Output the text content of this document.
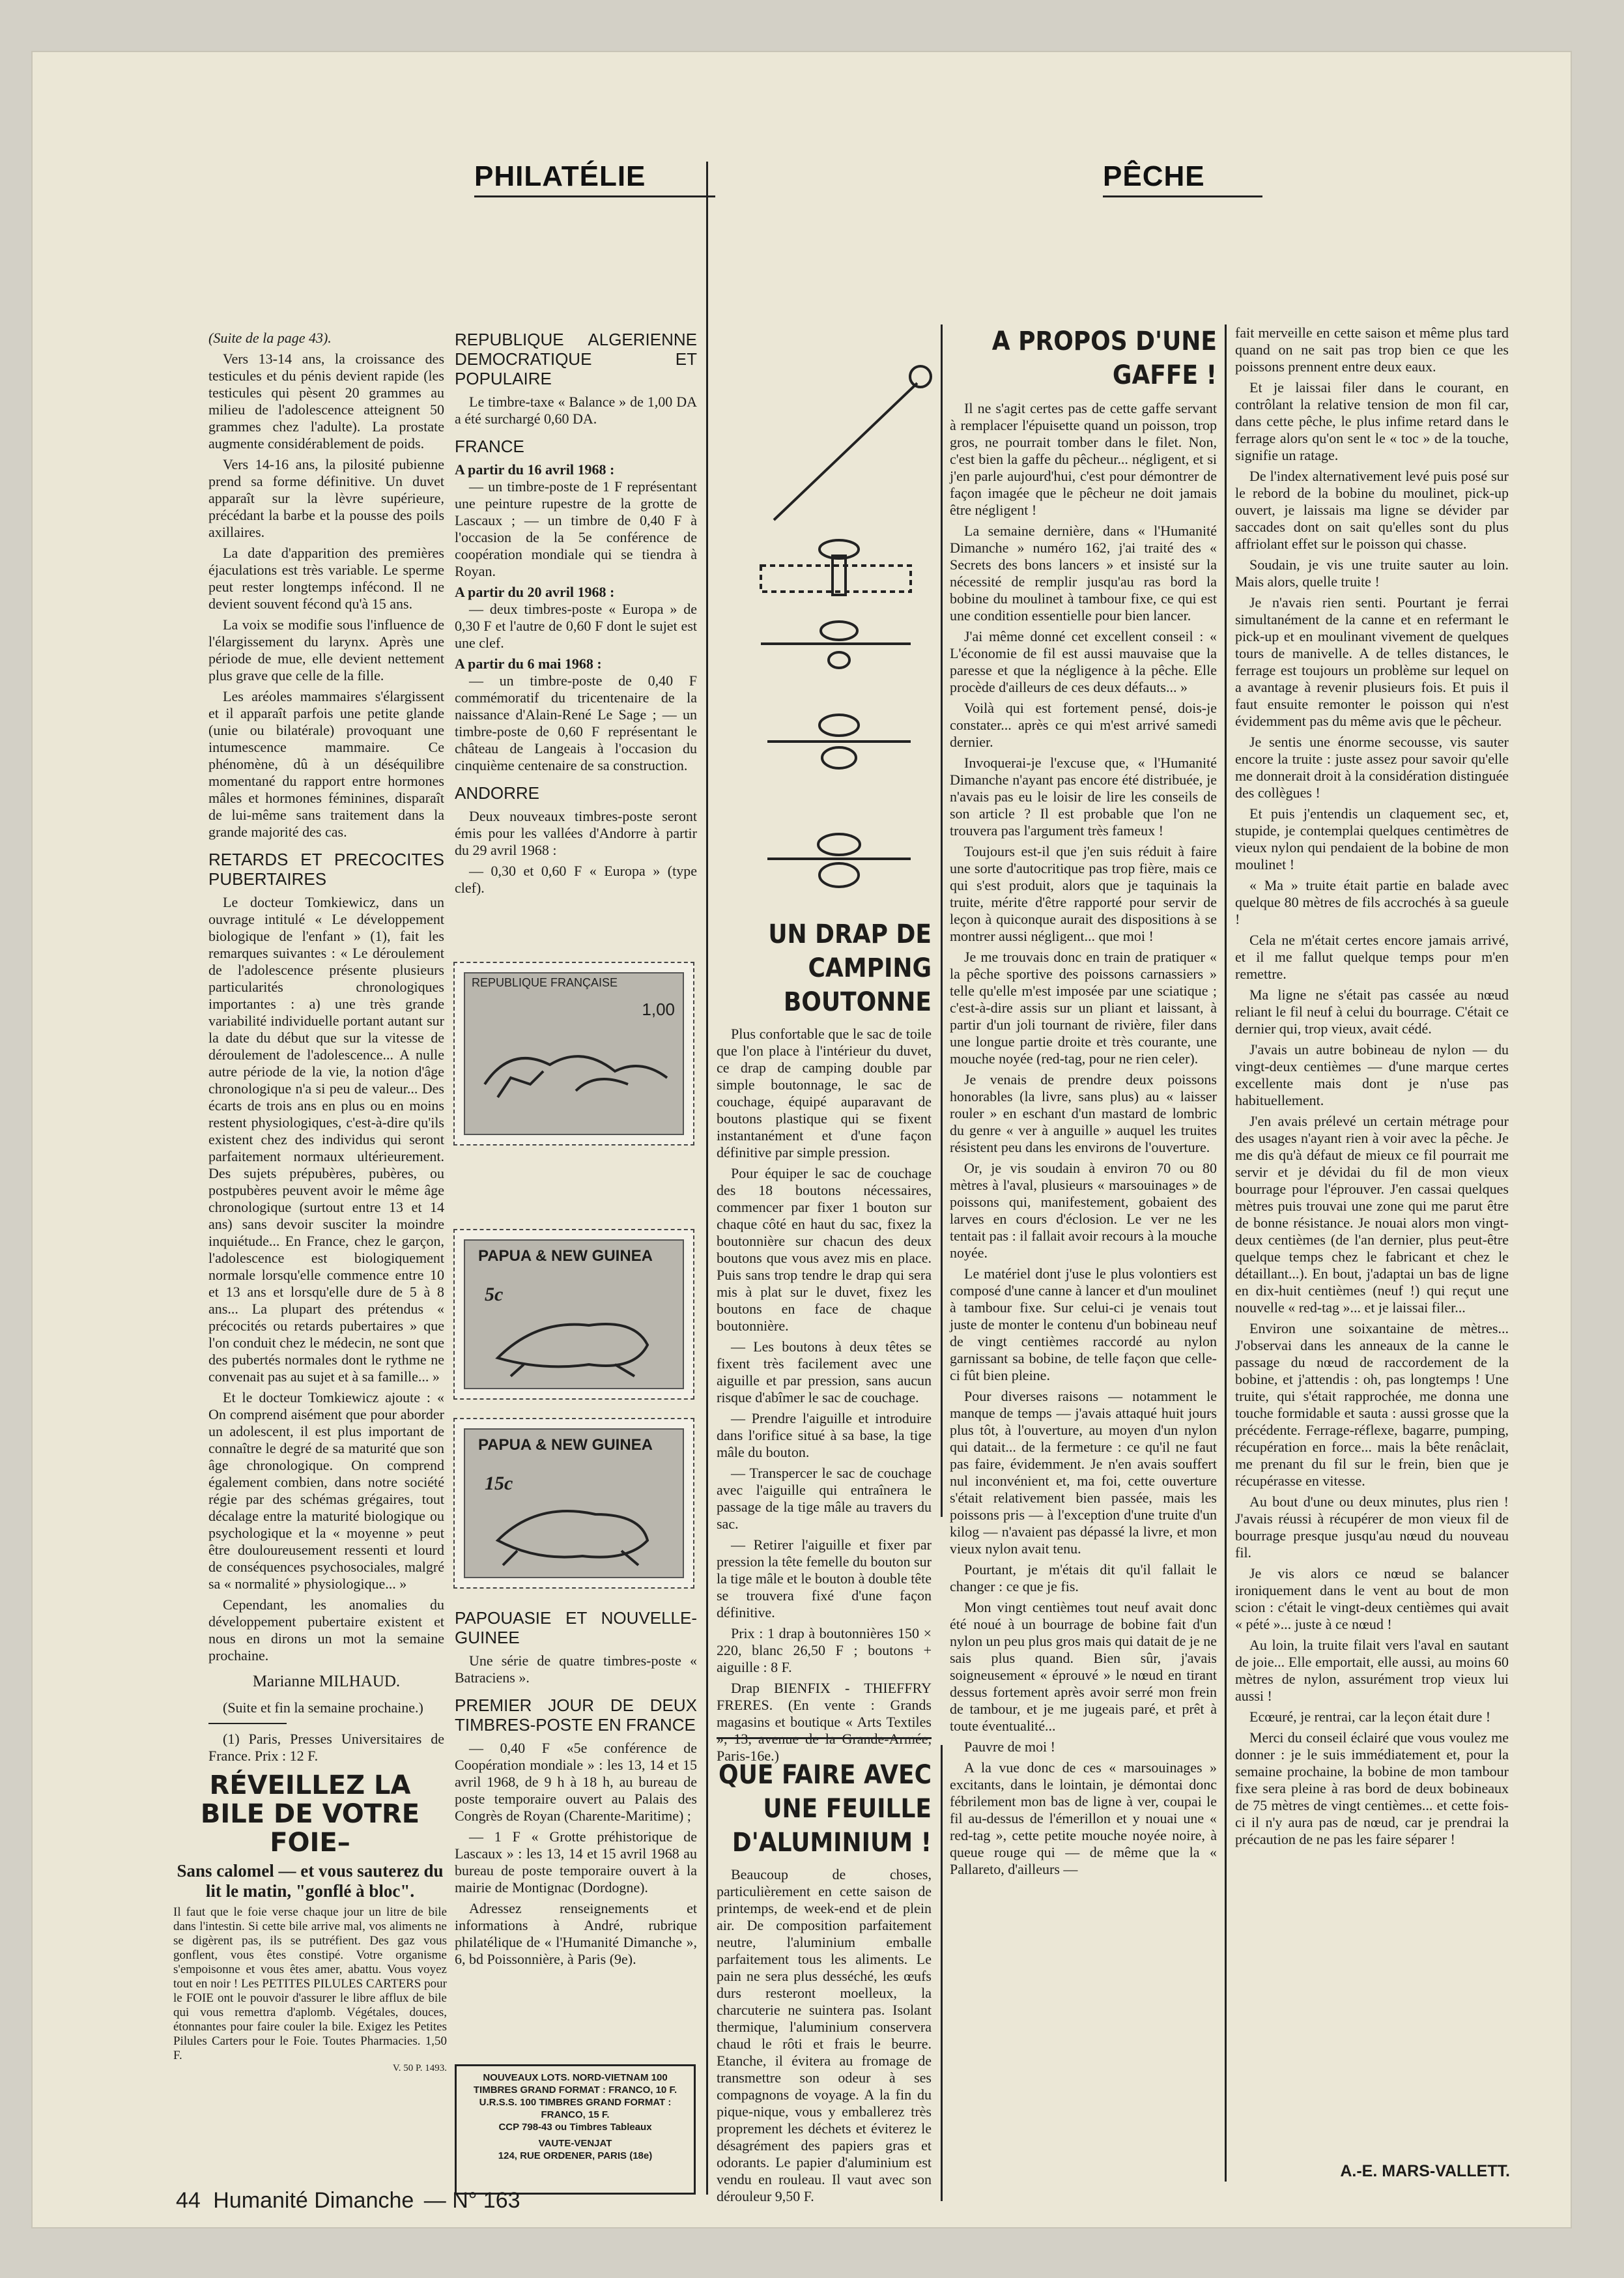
PHILATÉLIE	PÊCHE
(Suite de la page 43).

Vers 13-14 ans, la croissance des testicules et du pénis devient rapide (les testicules qui pèsent 20 grammes au milieu de l'adolescence atteignent 50 grammes chez l'adulte). La prostate augmente considérablement de poids.

Vers 14-16 ans, la pilosité pubienne prend sa forme définitive. Un duvet apparaît sur la lèvre supérieure, précédant la barbe et la pousse des poils axillaires.

La date d'apparition des premières éjaculations est très variable. Le sperme peut rester longtemps infécond. Il ne devient souvent fécond qu'à 15 ans.

La voix se modifie sous l'influence de l'élargissement du larynx. Après une période de mue, elle devient nettement plus grave que celle de la fille.

Les aréoles mammaires s'élargissent et il apparaît parfois une petite glande (unie ou bilatérale) provoquant une intumescence mammaire. Ce phénomène, dû à un déséquilibre momentané du rapport entre hormones mâles et hormones féminines, disparaît de lui-même sans traitement dans la grande majorité des cas.

RETARDS ET PRECOCITES PUBERTAIRES

Le docteur Tomkiewicz, dans un ouvrage intitulé « Le développement biologique de l'enfant » (1), fait les remarques suivantes : « Le déroulement de l'adolescence présente plusieurs particularités chronologiques importantes : a) une très grande variabilité individuelle portant autant sur la date du début que sur la vitesse de déroulement de l'adolescence... A nulle autre période de la vie, la notion d'âge chronologique n'a si peu de valeur... Des écarts de trois ans en plus ou en moins restent physiologiques, c'est-à-dire qu'ils existent chez des individus qui seront parfaitement normaux ultérieurement. Des sujets prépubères, pubères, ou postpubères peuvent avoir le même âge chronologique (surtout entre 13 et 14 ans) sans devoir susciter la moindre inquiétude... En France, chez le garçon, l'adolescence est biologiquement normale lorsqu'elle commence entre 10 et 13 ans et lorsqu'elle dure de 5 à 8 ans... La plupart des prétendus « précocités ou retards pubertaires » que l'on conduit chez le médecin, ne sont que des pubertés normales dont le rythme ne convenait pas au sujet et à sa famille... »

Et le docteur Tomkiewicz ajoute : « On comprend aisément que pour aborder un adolescent, il est plus important de connaître le degré de sa maturité que son âge chronologique. On comprend également combien, dans notre société régie par des schémas grégaires, tout décalage entre la maturité biologique ou psychologique et la « moyenne » peut être douloureusement ressenti et lourd de conséquences psychosociales, malgré sa « normalité » physiologique... »

Cependant, les anomalies du développement pubertaire existent et nous en dirons un mot la semaine prochaine.

Marianne MILHAUD.

(Suite et fin la semaine prochaine.)

(1) Paris, Presses Universitaires de France. Prix : 12 F.

RÉVEILLEZ LA BILE DE VOTRE FOIE–
Sans calomel — et vous sauterez du lit le matin, "gonflé à bloc".
Il faut que le foie verse chaque jour un litre de bile dans l'intestin. Si cette bile arrive mal, vos aliments ne se digèrent pas, ils se putréfient. Des gaz vous gonflent, vous êtes constipé. Votre organisme s'empoisonne et vous êtes amer, abattu. Vous voyez tout en noir ! Les PETITES PILULES CARTERS pour le FOIE ont le pouvoir d'assurer le libre afflux de bile qui vous remettra d'aplomb. Végétales, douces, étonnantes pour faire couler la bile. Exigez les Petites Pilules Carters pour le Foie. Toutes Pharmacies. 1,50 F.
V. 50 P. 1493.
REPUBLIQUE ALGERIENNE DEMOCRATIQUE ET POPULAIRE

Le timbre-taxe « Balance » de 1,00 DA a été surchargé 0,60 DA.

FRANCE
A partir du 16 avril 1968 :

— un timbre-poste de 1 F représentant une peinture rupestre de la grotte de Lascaux ; — un timbre de 0,40 F à l'occasion de la 5e conférence de coopération mondiale qui se tiendra à Royan.

A partir du 20 avril 1968 :

— deux timbres-poste « Europa » de 0,30 F et l'autre de 0,60 F dont le sujet est une clef.

A partir du 6 mai 1968 :

— un timbre-poste de 0,40 F commémoratif du tricentenaire de la naissance d'Alain-René Le Sage ; — un timbre-poste de 0,60 F représentant le château de Langeais à l'occasion du cinquième centenaire de sa construction.

ANDORRE

Deux nouveaux timbres-poste seront émis pour les vallées d'Andorre à partir du 29 avril 1968 :

— 0,30 et 0,60 F « Europa » (type clef).

REPUBLIQUE FRANÇAISE
1,00
PAPUA & NEW GUINEA
5c
PAPUA & NEW GUINEA
15c
PAPOUASIE ET NOUVELLE-GUINEE

Une série de quatre timbres-poste « Batraciens ».

PREMIER JOUR DE DEUX TIMBRES-POSTE EN FRANCE

— 0,40 F «5e conférence de Coopération mondiale » : les 13, 14 et 15 avril 1968, de 9 h à 18 h, au bureau de poste temporaire ouvert au Palais des Congrès de Royan (Charente-Maritime) ;

— 1 F « Grotte préhistorique de Lascaux » : les 13, 14 et 15 avril 1968 au bureau de poste temporaire ouvert à la mairie de Montignac (Dordogne).

Adressez renseignements et informations à André, rubrique philatélique de « l'Humanité Dimanche », 6, bd Poissonnière, à Paris (9e).

NOUVEAUX LOTS. NORD-VIETNAM 100 TIMBRES GRAND FORMAT : FRANCO, 10 F.
U.R.S.S. 100 TIMBRES GRAND FORMAT : FRANCO, 15 F.
CCP 798-43 ou Timbres Tableaux
VAUTE-VENJAT
124, RUE ORDENER, PARIS (18e)
UN DRAP DE CAMPING BOUTONNE

Plus confortable que le sac de toile que l'on place à l'intérieur du duvet, ce drap de camping double par simple boutonnage, le sac de couchage, équipé auparavant de boutons plastique qui se fixent instantanément et d'une façon définitive par simple pression.

Pour équiper le sac de couchage des 18 boutons nécessaires, commencer par fixer 1 bouton sur chaque côté en haut du sac, fixez la boutonnière sur chacun des deux boutons que vous avez mis en place. Puis sans trop tendre le drap qui sera mis à plat sur le duvet, fixez les boutons en face de chaque boutonnière.

— Les boutons à deux têtes se fixent très facilement avec une aiguille et par pression, sans aucun risque d'abîmer le sac de couchage.

— Prendre l'aiguille et introduire dans l'orifice situé à sa base, la tige mâle du bouton.

— Transpercer le sac de couchage avec l'aiguille qui entraînera le passage de la tige mâle au travers du sac.

— Retirer l'aiguille et fixer par pression la tête femelle du bouton sur la tige mâle et le bouton à double tête se trouvera fixé d'une façon définitive.

Prix : 1 drap à boutonnières 150 × 220, blanc 26,50 F ; boutons + aiguille : 8 F.

Drap BIENFIX - THIEFFRY FRERES. (En vente : Grands magasins et boutique « Arts Textiles Paris-16e.)

QUE FAIRE AVEC UNE FEUILLE D'ALUMINIUM !

Beaucoup de choses, particulièrement en cette saison de printemps, de week-end et de plein air. De composition parfaitement neutre, l'aluminium emballe parfaitement tous les aliments. Le pain ne sera plus desséché, les œufs durs resteront moelleux, la charcuterie ne suintera pas. Isolant thermique, l'aluminium conservera chaud le rôti et frais le beurre. Etanche, il évitera au fromage de transmettre son odeur à ses compagnons de voyage. A la fin du pique-nique, vous y emballerez très proprement les déchets et éviterez le désagrément des papiers gras et odorants. Le papier d'aluminium est vendu en rouleau. Il vaut avec son dérouleur 9,50 F.

A PROPOS D'UNE GAFFE !

Il ne s'agit certes pas de cette gaffe servant à remplacer l'épuisette quand un poisson, trop gros, ne pourrait tomber dans le filet. Non, c'est bien la gaffe du pêcheur... négligent, et si j'en parle aujourd'hui, c'est pour démontrer de façon imagée que le pêcheur ne doit jamais être négligent !

La semaine dernière, dans « l'Humanité Dimanche » numéro 162, j'ai traité des « Secrets des bons lancers » et insisté sur la nécessité de remplir jusqu'au ras bord la bobine du moulinet à tambour fixe, ce qui est une condition essentielle pour bien lancer.

J'ai même donné cet excellent conseil : « L'économie de fil est aussi mauvaise que la paresse et que la négligence à la pêche. Elle procède d'ailleurs de ces deux défauts... »

Voilà qui est fortement pensé, dois-je constater... après ce qui m'est arrivé samedi dernier.

Invoquerai-je l'excuse que, « l'Humanité Dimanche n'ayant pas encore été distribuée, je n'avais pas eu le loisir de lire les conseils de son article ? Il est probable que l'on ne trouvera pas l'argument très fameux !

Toujours est-il que j'en suis réduit à faire une sorte d'autocritique pas trop fière, mais ce qui s'est produit, alors que je taquinais la truite, mérite d'être rapporté pour servir de leçon à quiconque aurait des dispositions à se montrer aussi négligent... que moi !

Je me trouvais donc en train de pratiquer « la pêche sportive des poissons carnassiers » telle qu'elle m'est imposée par une sciatique ; c'est-à-dire assis sur un pliant et laissant, à partir d'un joli tournant de rivière, filer dans une longue partie droite et très courante, une mouche noyée (red-tag, pour ne rien celer).

Je venais de prendre deux poissons honorables (la livre, sans plus) au « laisser rouler » en eschant d'un mastard de lombric du genre « ver à anguille » auquel les truites résistent peu dans les environs de l'ouverture.

Or, je vis soudain à environ 70 ou 80 mètres à l'aval, plusieurs « marsouinages » de poissons qui, manifestement, gobaient des larves en cours d'éclosion. Le ver ne les tentait pas : il fallait avoir recours à la mouche noyée.

Le matériel dont j'use le plus volontiers est composé d'une canne à lancer et d'un moulinet à tambour fixe. Sur celui-ci je venais tout juste de monter le contenu d'un bobineau neuf de vingt centièmes raccordé au nylon garnissant sa bobine, de telle façon que celle-ci fût bien pleine.

Pour diverses raisons — notamment le manque de temps — j'avais attaqué huit jours plus tôt, à l'ouverture, au moyen d'un nylon qui datait... de la fermeture : ce qu'il ne faut pas faire, évidemment. Je n'en avais souffert nul inconvénient et, ma foi, cette ouverture s'était relativement bien passée, mais les poissons pris — à l'exception d'une truite d'un kilog — n'avaient pas dépassé la livre, et mon vieux nylon avait tenu.

Pourtant, je m'étais dit qu'il fallait le changer : ce que je fis.

Mon vingt centièmes tout neuf avait donc été noué à un bourrage de bobine fait d'un nylon un peu plus gros mais qui datait de je ne sais plus quand. Bien sûr, j'avais soigneusement « éprouvé » le nœud en tirant dessus fortement après avoir serré mon frein de tambour, et je me jugeais paré, et prêt à toute éventualité...

Pauvre de moi !

A la vue donc de ces « marsouinages » excitants, dans le lointain, je démontai donc fébrilement mon bas de ligne à ver, coupai le fil au-dessus de l'émerillon et y nouai une « red-tag », cette petite mouche noyée noire, à queue rouge qui — de même que la « Pallareto, d'ailleurs —

fait merveille en cette saison et même plus tard quand on ne sait pas trop bien ce que les poissons prennent entre deux eaux.

Et je laissai filer dans le courant, en contrôlant la relative tension de mon fil car, dans cette pêche, le plus infime retard dans le ferrage alors qu'on sent le « toc » de la touche, signifie un ratage.

De l'index alternativement levé puis posé sur le rebord de la bobine du moulinet, pick-up ouvert, je laissais ma ligne se dévider par saccades dont on sait qu'elles sont du plus affriolant effet sur le poisson qui chasse.

Soudain, je vis une truite sauter au loin. Mais alors, quelle truite !

Je n'avais rien senti. Pourtant je ferrai simultanément de la canne et en refermant le pick-up et en moulinant vivement de quelques tours de manivelle. A de telles distances, le ferrage est toujours un problème sur lequel on a avantage à revenir plusieurs fois. Et puis il faut ensuite remonter le poisson qui n'est évidemment pas du même avis que le pêcheur.

Je sentis une énorme secousse, vis sauter encore la truite : juste assez pour savoir qu'elle me donnerait droit à la considération distinguée des collègues !

Et puis j'entendis un claquement sec, et, stupide, je contemplai quelques centimètres de vieux nylon qui pendaient de la bobine de mon moulinet !

« Ma » truite était partie en balade avec quelque 80 mètres de fils accrochés à sa gueule !

Cela ne m'était certes encore jamais arrivé, et il me fallut quelque temps pour m'en remettre.

Ma ligne ne s'était pas cassée au nœud reliant le fil neuf à celui du bourrage. C'était ce dernier qui, trop vieux, avait cédé.

J'avais un autre bobineau de nylon — du vingt-deux centièmes — d'une marque certes excellente mais dont je n'use pas habituellement.

J'en avais prélevé un certain métrage pour des usages n'ayant rien à voir avec la pêche. Je me dis qu'à défaut de mieux ce fil pourrait me servir et je dévidai du fil de mon vieux bourrage pour l'éprouver. J'en cassai quelques mètres puis trouvai une zone qui me parut être de bonne résistance. Je nouai alors mon vingt-deux centièmes (de l'an dernier, plus peut-être quelque temps chez le fabricant et chez le détaillant...). En bout, j'adaptai un bas de ligne en dix-huit centièmes (neuf !) qui reçut une nouvelle « red-tag »... et je laissai filer...

Environ une soixantaine de mètres... J'observai dans les anneaux de la canne le passage du nœud de raccordement de la bobine, et j'attendis : oh, pas longtemps ! Une truite, qui s'était rapprochée, me donna une touche formidable et sauta : aussi grosse que la précédente. Ferrage-réflexe, bagarre, pumping, récupération en force... mais la bête renâclait, me prenant du fil sur le frein, bien que je récupérasse en vitesse.

Au bout d'une ou deux minutes, plus rien ! J'avais réussi à récupérer de mon vieux fil de bourrage presque jusqu'au nœud du nouveau fil.

Je vis alors ce nœud se balancer ironiquement dans le vent au bout de mon scion : c'était le vingt-deux centièmes qui avait « pété »... juste à ce nœud !

Au loin, la truite filait vers l'aval en sautant de joie... Elle emportait, elle aussi, au moins 60 mètres de nylon, assurément trop vieux lui aussi !

Ecœuré, je rentrai, car la leçon était dure !

Merci du conseil éclairé que vous voulez me donner : je le suis immédiatement et, pour la semaine prochaine, la bobine de mon tambour fixe sera pleine à ras bord de deux bobineaux de 75 mètres de vingt centièmes... et cette fois-ci il n'y aura pas de nœud, car je prendrai la précaution de ne pas les faire séparer !

A.-E. MARS-VALLETT.
44 Humanité Dimanche — N° 163
